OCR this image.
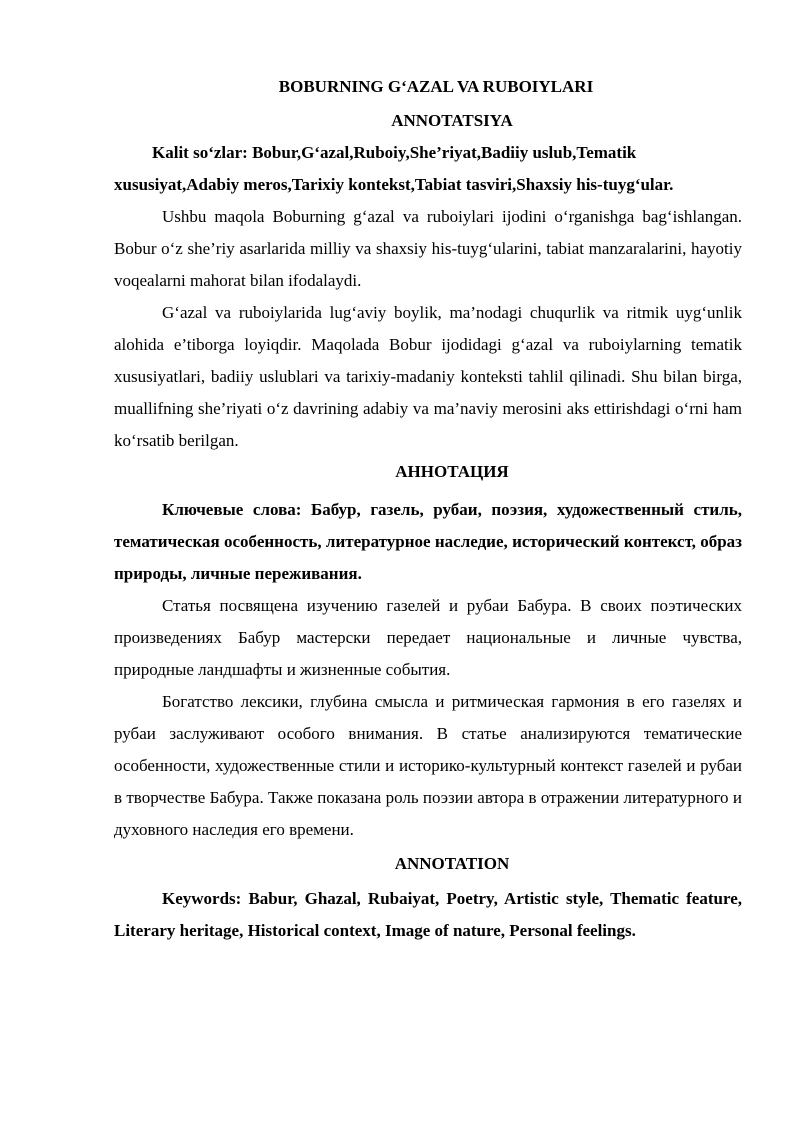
BOBURNING G‘AZAL VA RUBOIYLARI
ANNOTATSIYA

Kalit so‘zlar: Bobur,G‘azal,Ruboiy,She’riyat,Badiiy uslub,Tematik xususiyat,Adabiy meros,Tarixiy kontekst,Tabiat tasviri,Shaxsiy his-tuyg‘ular.

Ushbu maqola Boburning g‘azal va ruboiylari ijodini o‘rganishga bag‘ishlangan. Bobur o‘z she’riy asarlarida milliy va shaxsiy his-tuyg‘ularini, tabiat manzaralarini, hayotiy voqealarni mahorat bilan ifodalaydi.

G‘azal va ruboiylarida lug‘aviy boylik, ma’nodagi chuqurlik va ritmik uyg‘unlik alohida e’tiborga loyiqdir. Maqolada Bobur ijodidagi g‘azal va ruboiylarning tematik xususiyatlari, badiiy uslublari va tarixiy-madaniy konteksti tahlil qilinadi. Shu bilan birga, muallifning she’riyati o‘z davrining adabiy va ma’naviy merosini aks ettirishdagi o‘rni ham ko‘rsatib berilgan.

АННОТАЦИЯ

Ключевые слова: Бабур, газель, рубаи, поэзия, художественный стиль, тематическая особенность, литературное наследие, исторический контекст, образ природы, личные переживания.

Статья посвящена изучению газелей и рубаи Бабура. В своих поэтических произведениях Бабур мастерски передает национальные и личные чувства, природные ландшафты и жизненные события.

Богатство лексики, глубина смысла и ритмическая гармония в его газелях и рубаи заслуживают особого внимания. В статье анализируются тематические особенности, художественные стили и историко-культурный контекст газелей и рубаи в творчестве Бабура. Также показана роль поэзии автора в отражении литературного и духовного наследия его времени.

ANNOTATION

Keywords: Babur, Ghazal, Rubaiyat, Poetry, Artistic style, Thematic feature, Literary heritage, Historical context, Image of nature, Personal feelings.
